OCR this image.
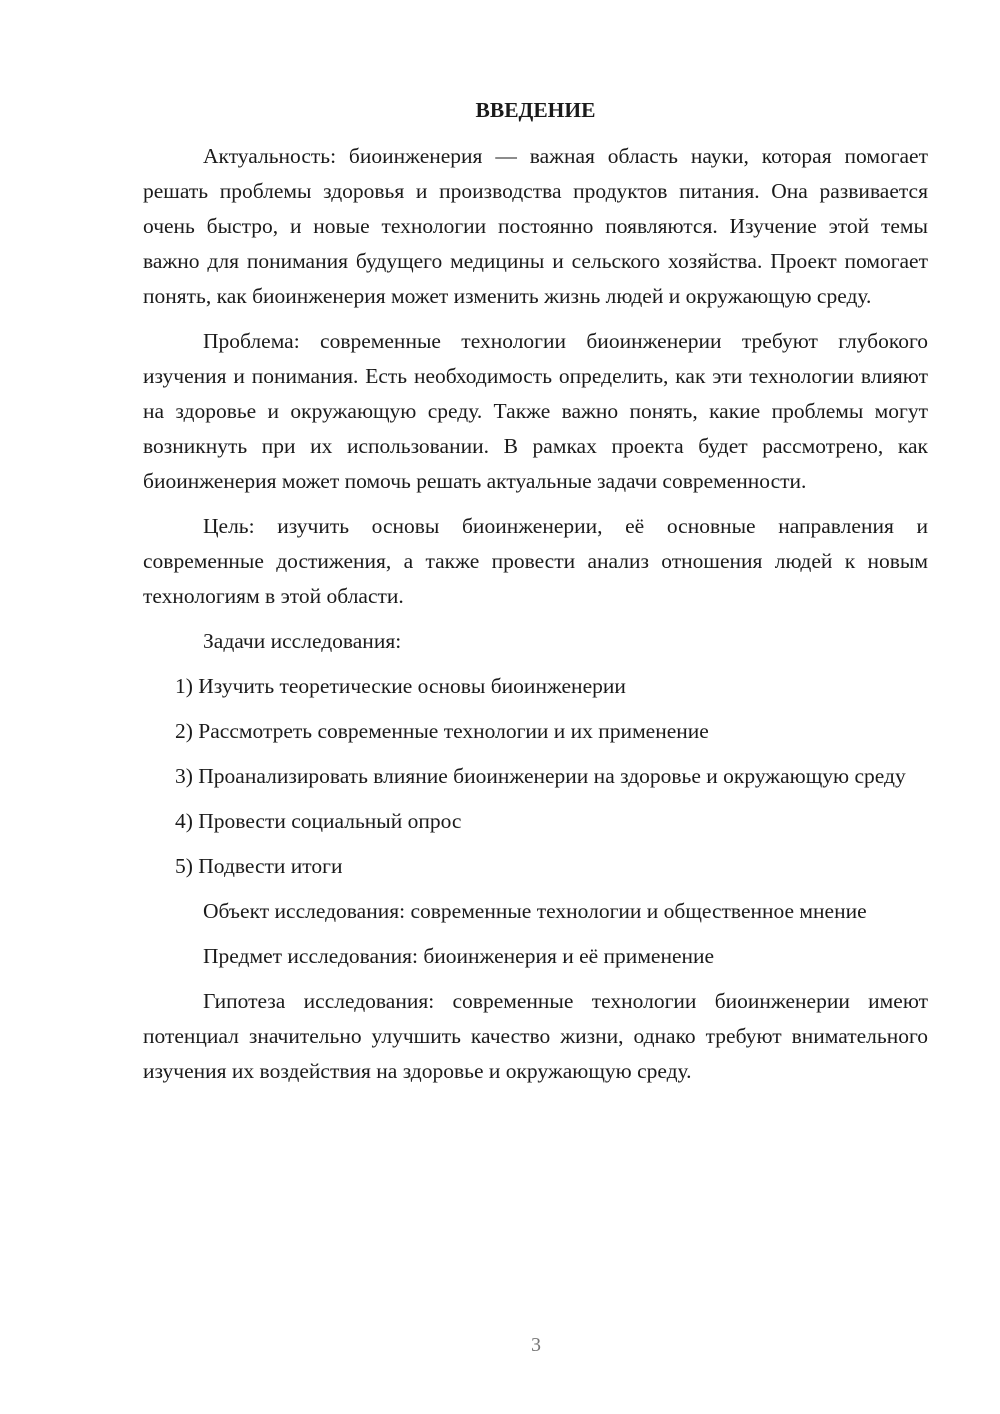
ВВЕДЕНИЕ

Актуальность: биоинженерия — важная область науки, которая помогает решать проблемы здоровья и производства продуктов питания. Она развивается очень быстро, и новые технологии постоянно появляются. Изучение этой темы важно для понимания будущего медицины и сельского хозяйства. Проект помогает понять, как биоинженерия может изменить жизнь людей и окружающую среду.

Проблема: современные технологии биоинженерии требуют глубокого изучения и понимания. Есть необходимость определить, как эти технологии влияют на здоровье и окружающую среду. Также важно понять, какие проблемы могут возникнуть при их использовании. В рамках проекта будет рассмотрено, как биоинженерия может помочь решать актуальные задачи современности.

Цель: изучить основы биоинженерии, её основные направления и современные достижения, а также провести анализ отношения людей к новым технологиям в этой области.

Задачи исследования:

1) Изучить теоретические основы биоинженерии

2) Рассмотреть современные технологии и их применение

3) Проанализировать влияние биоинженерии на здоровье и окружающую среду

4) Провести социальный опрос

5) Подвести итоги

Объект исследования: современные технологии и общественное мнение

Предмет исследования: биоинженерия и её применение

Гипотеза исследования: современные технологии биоинженерии имеют потенциал значительно улучшить качество жизни, однако требуют внимательного изучения их воздействия на здоровье и окружающую среду.

3
